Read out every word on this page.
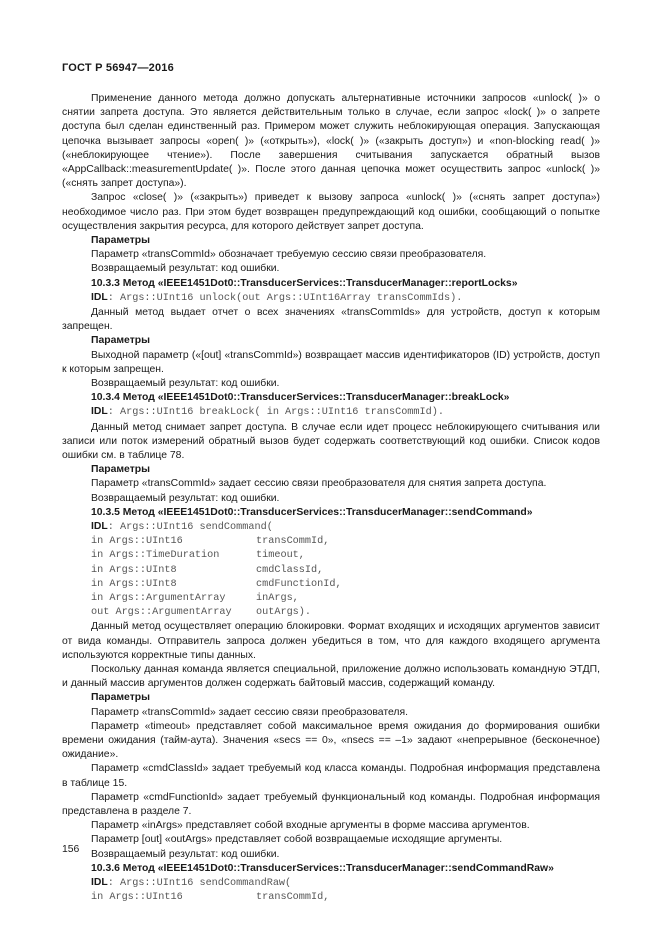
ГОСТ Р 56947—2016

Применение данного метода должно допускать альтернативные источники запросов «unlock( )» о снятии запрета доступа. Это является действительным только в случае, если запрос «lock( )» о запрете доступа был сделан единственный раз. Примером может служить неблокирующая операция. Запускающая цепочка вызывает запросы «open( )» («открыть»), «lock( )» («закрыть доступ») и «non-blocking read( )» («неблокирующее чтение»). После завершения считывания запускается обратный вызов «AppCallback::measurementUpdate( )». После этого данная цепочка может осуществить запрос «unlock( )» («снять запрет доступа»).

Запрос «close( )» («закрыть») приведет к вызову запроса «unlock( )» («снять запрет доступа») необходимое число раз. При этом будет возвращен предупреждающий код ошибки, сообщающий о попытке осуществления закрытия ресурса, для которого действует запрет доступа.

Параметры

Параметр «transCommId» обозначает требуемую сессию связи преобразователя.

Возвращаемый результат: код ошибки.

10.3.3 Метод «IEEE1451Dot0::TransducerServices::TransducerManager::reportLocks»

IDL: Args::UInt16 unlock(out Args::UInt16Array transCommIds).

Данный метод выдает отчет о всех значениях «transCommIds» для устройств, доступ к которым запрещен.

Параметры

Выходной параметр («[out] «transCommId») возвращает массив идентификаторов (ID) устройств, доступ к которым запрещен.

Возвращаемый результат: код ошибки.

10.3.4 Метод «IEEE1451Dot0::TransducerServices::TransducerManager::breakLock»

IDL: Args::UInt16 breakLock( in Args::UInt16 transCommId).

Данный метод снимает запрет доступа. В случае если идет процесс неблокирующего считывания или записи или поток измерений обратный вызов будет содержать соответствующий код ошибки. Список кодов ошибки см. в таблице 78.

Параметры

Параметр «transCommId» задает сессию связи преобразователя для снятия запрета доступа.

Возвращаемый результат: код ошибки.

10.3.5 Метод «IEEE1451Dot0::TransducerServices::TransducerManager::sendCommand»

IDL: Args::UInt16 sendCommand(

in Args::UInt16	transCommId,
in Args::TimeDuration	timeout,
in Args::UInt8	cmdClassId,
in Args::UInt8	cmdFunctionId,
in Args::ArgumentArray	inArgs,
out Args::ArgumentArray outArgs).

Данный метод осуществляет операцию блокировки. Формат входящих и исходящих аргументов зависит от вида команды. Отправитель запроса должен убедиться в том, что для каждого входящего аргумента используются корректные типы данных.

Поскольку данная команда является специальной, приложение должно использовать командную ЭТДП, и данный массив аргументов должен содержать байтовый массив, содержащий команду.

Параметры

Параметр «transCommId» задает сессию связи преобразователя.

Параметр «timeout» представляет собой максимальное время ожидания до формирования ошибки времени ожидания (тайм-аута). Значения «secs == 0», «nsecs == –1» задают «непрерывное (бесконечное) ожидание».

Параметр «cmdClassId» задает требуемый код класса команды. Подробная информация представлена в таблице 15.

Параметр «cmdFunctionId» задает требуемый функциональный код команды. Подробная информация представлена в разделе 7.

Параметр «inArgs» представляет собой входные аргументы в форме массива аргументов.

Параметр [out] «outArgs» представляет собой возвращаемые исходящие аргументы.

Возвращаемый результат: код ошибки.

10.3.6 Метод «IEEE1451Dot0::TransducerServices::TransducerManager::sendCommandRaw»

IDL: Args::UInt16 sendCommandRaw(

in Args::UInt16	transCommId,
156
